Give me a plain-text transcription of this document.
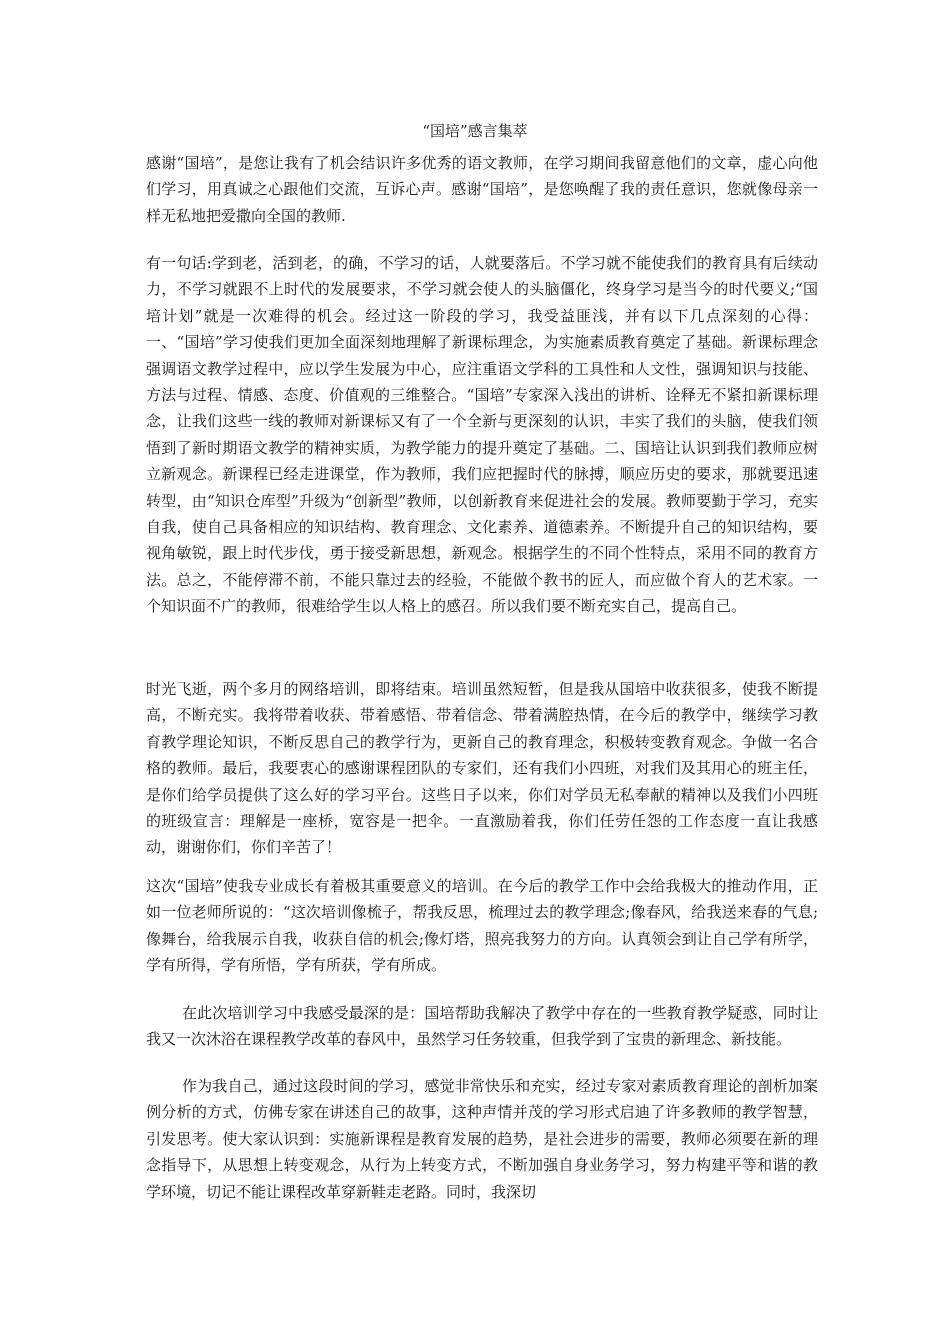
“国培”感言集萃

感谢“国培”，是您让我有了机会结识许多优秀的语文教师，在学习期间我留意他们的文章，虚心向他们学习，用真诚之心跟他们交流，互诉心声。感谢“国培”，是您唤醒了我的责任意识，您就像母亲一样无私地把爱撒向全国的教师.

有一句话:学到老，活到老，的确，不学习的话，人就要落后。不学习就不能使我们的教育具有后续动力，不学习就跟不上时代的发展要求，不学习就会使人的头脑僵化，终身学习是当今的时代要义;“国培计划”就是一次难得的机会。经过这一阶段的学习，我受益匪浅，并有以下几点深刻的心得：一、“国培”学习使我们更加全面深刻地理解了新课标理念，为实施素质教育奠定了基础。新课标理念强调语文教学过程中，应以学生发展为中心，应注重语文学科的工具性和人文性，强调知识与技能、方法与过程、情感、态度、价值观的三维整合。“国培”专家深入浅出的讲析、诠释无不紧扣新课标理念，让我们这些一线的教师对新课标又有了一个全新与更深刻的认识，丰实了我们的头脑，使我们领悟到了新时期语文教学的精神实质，为教学能力的提升奠定了基础。二、国培让认识到我们教师应树立新观念。新课程已经走进课堂，作为教师，我们应把握时代的脉搏，顺应历史的要求，那就要迅速转型，由“知识仓库型”升级为“创新型”教师，以创新教育来促进社会的发展。教师要勤于学习，充实自我，使自己具备相应的知识结构、教育理念、文化素养、道德素养。不断提升自己的知识结构，要视角敏锐，跟上时代步伐，勇于接受新思想，新观念。根据学生的不同个性特点，采用不同的教育方法。总之，不能停滞不前，不能只靠过去的经验，不能做个教书的匠人，而应做个育人的艺术家。一个知识面不广的教师，很难给学生以人格上的感召。所以我们要不断充实自己，提高自己。

时光飞逝，两个多月的网络培训，即将结束。培训虽然短暂，但是我从国培中收获很多，使我不断提高，不断充实。我将带着收获、带着感悟、带着信念、带着满腔热情，在今后的教学中，继续学习教育教学理论知识，不断反思自己的教学行为，更新自己的教育理念，积极转变教育观念。争做一名合格的教师。最后，我要衷心的感谢课程团队的专家们，还有我们小四班，对我们及其用心的班主任，是你们给学员提供了这么好的学习平台。这些日子以来，你们对学员无私奉献的精神以及我们小四班的班级宣言：理解是一座桥，宽容是一把伞。一直激励着我，你们任劳任怨的工作态度一直让我感动，谢谢你们，你们辛苦了！

这次“国培”使我专业成长有着极其重要意义的培训。在今后的教学工作中会给我极大的推动作用，正如一位老师所说的：“这次培训像梳子，帮我反思，梳理过去的教学理念;像春风，给我送来春的气息;像舞台，给我展示自我，收获自信的机会;像灯塔，照亮我努力的方向。认真领会到让自己学有所学，学有所得，学有所悟，学有所获，学有所成。

在此次培训学习中我感受最深的是：国培帮助我解决了教学中存在的一些教育教学疑惑，同时让我又一次沐浴在课程教学改革的春风中，虽然学习任务较重，但我学到了宝贵的新理念、新技能。

作为我自己，通过这段时间的学习，感觉非常快乐和充实，经过专家对素质教育理论的剖析加案例分析的方式，仿佛专家在讲述自己的故事，这种声情并茂的学习形式启迪了许多教师的教学智慧，引发思考。使大家认识到：实施新课程是教育发展的趋势，是社会进步的需要，教师必须要在新的理念指导下，从思想上转变观念，从行为上转变方式，不断加强自身业务学习，努力构建平等和谐的教学环境，切记不能让课程改革穿新鞋走老路。同时，我深切
